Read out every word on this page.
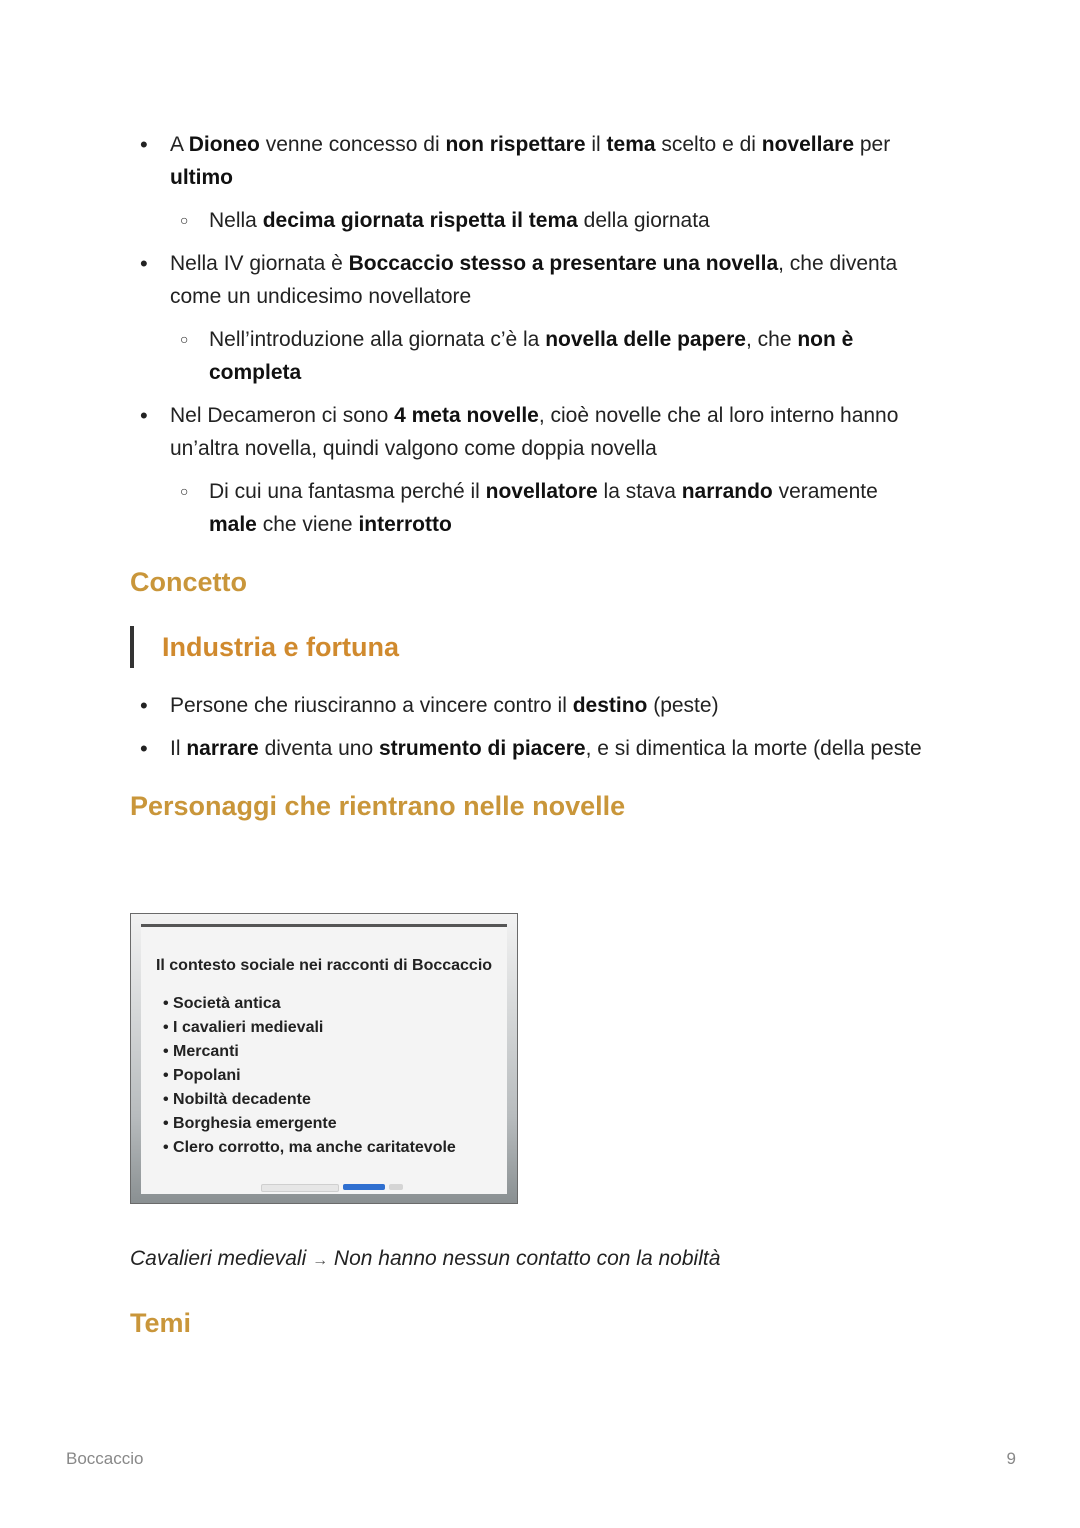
• A Dioneo venne concesso di non rispettare il tema scelto e di novellare per ultimo
○ Nella decima giornata rispetta il tema della giornata
• Nella IV giornata è Boccaccio stesso a presentare una novella, che diventa come un undicesimo novellatore
○ Nell’introduzione alla giornata c’è la novella delle papere, che non è completa
• Nel Decameron ci sono 4 meta novelle, cioè novelle che al loro interno hanno un’altra novella, quindi valgono come doppia novella
○ Di cui una fantasma perché il novellatore la stava narrando veramente male che viene interrotto
Concetto
Industria e fortuna
• Persone che riusciranno a vincere contro il destino (peste)
• Il narrare diventa uno strumento di piacere, e si dimentica la morte (della peste
Personaggi che rientrano nelle novelle
Il contesto sociale nei racconti di Boccaccio
• Società antica
• I cavalieri medievali
• Mercanti
• Popolani
• Nobiltà decadente
• Borghesia emergente
• Clero corrotto, ma anche caritatevole
Cavalieri medievali → Non hanno nessun contatto con la nobiltà
Temi
Boccaccio	9
